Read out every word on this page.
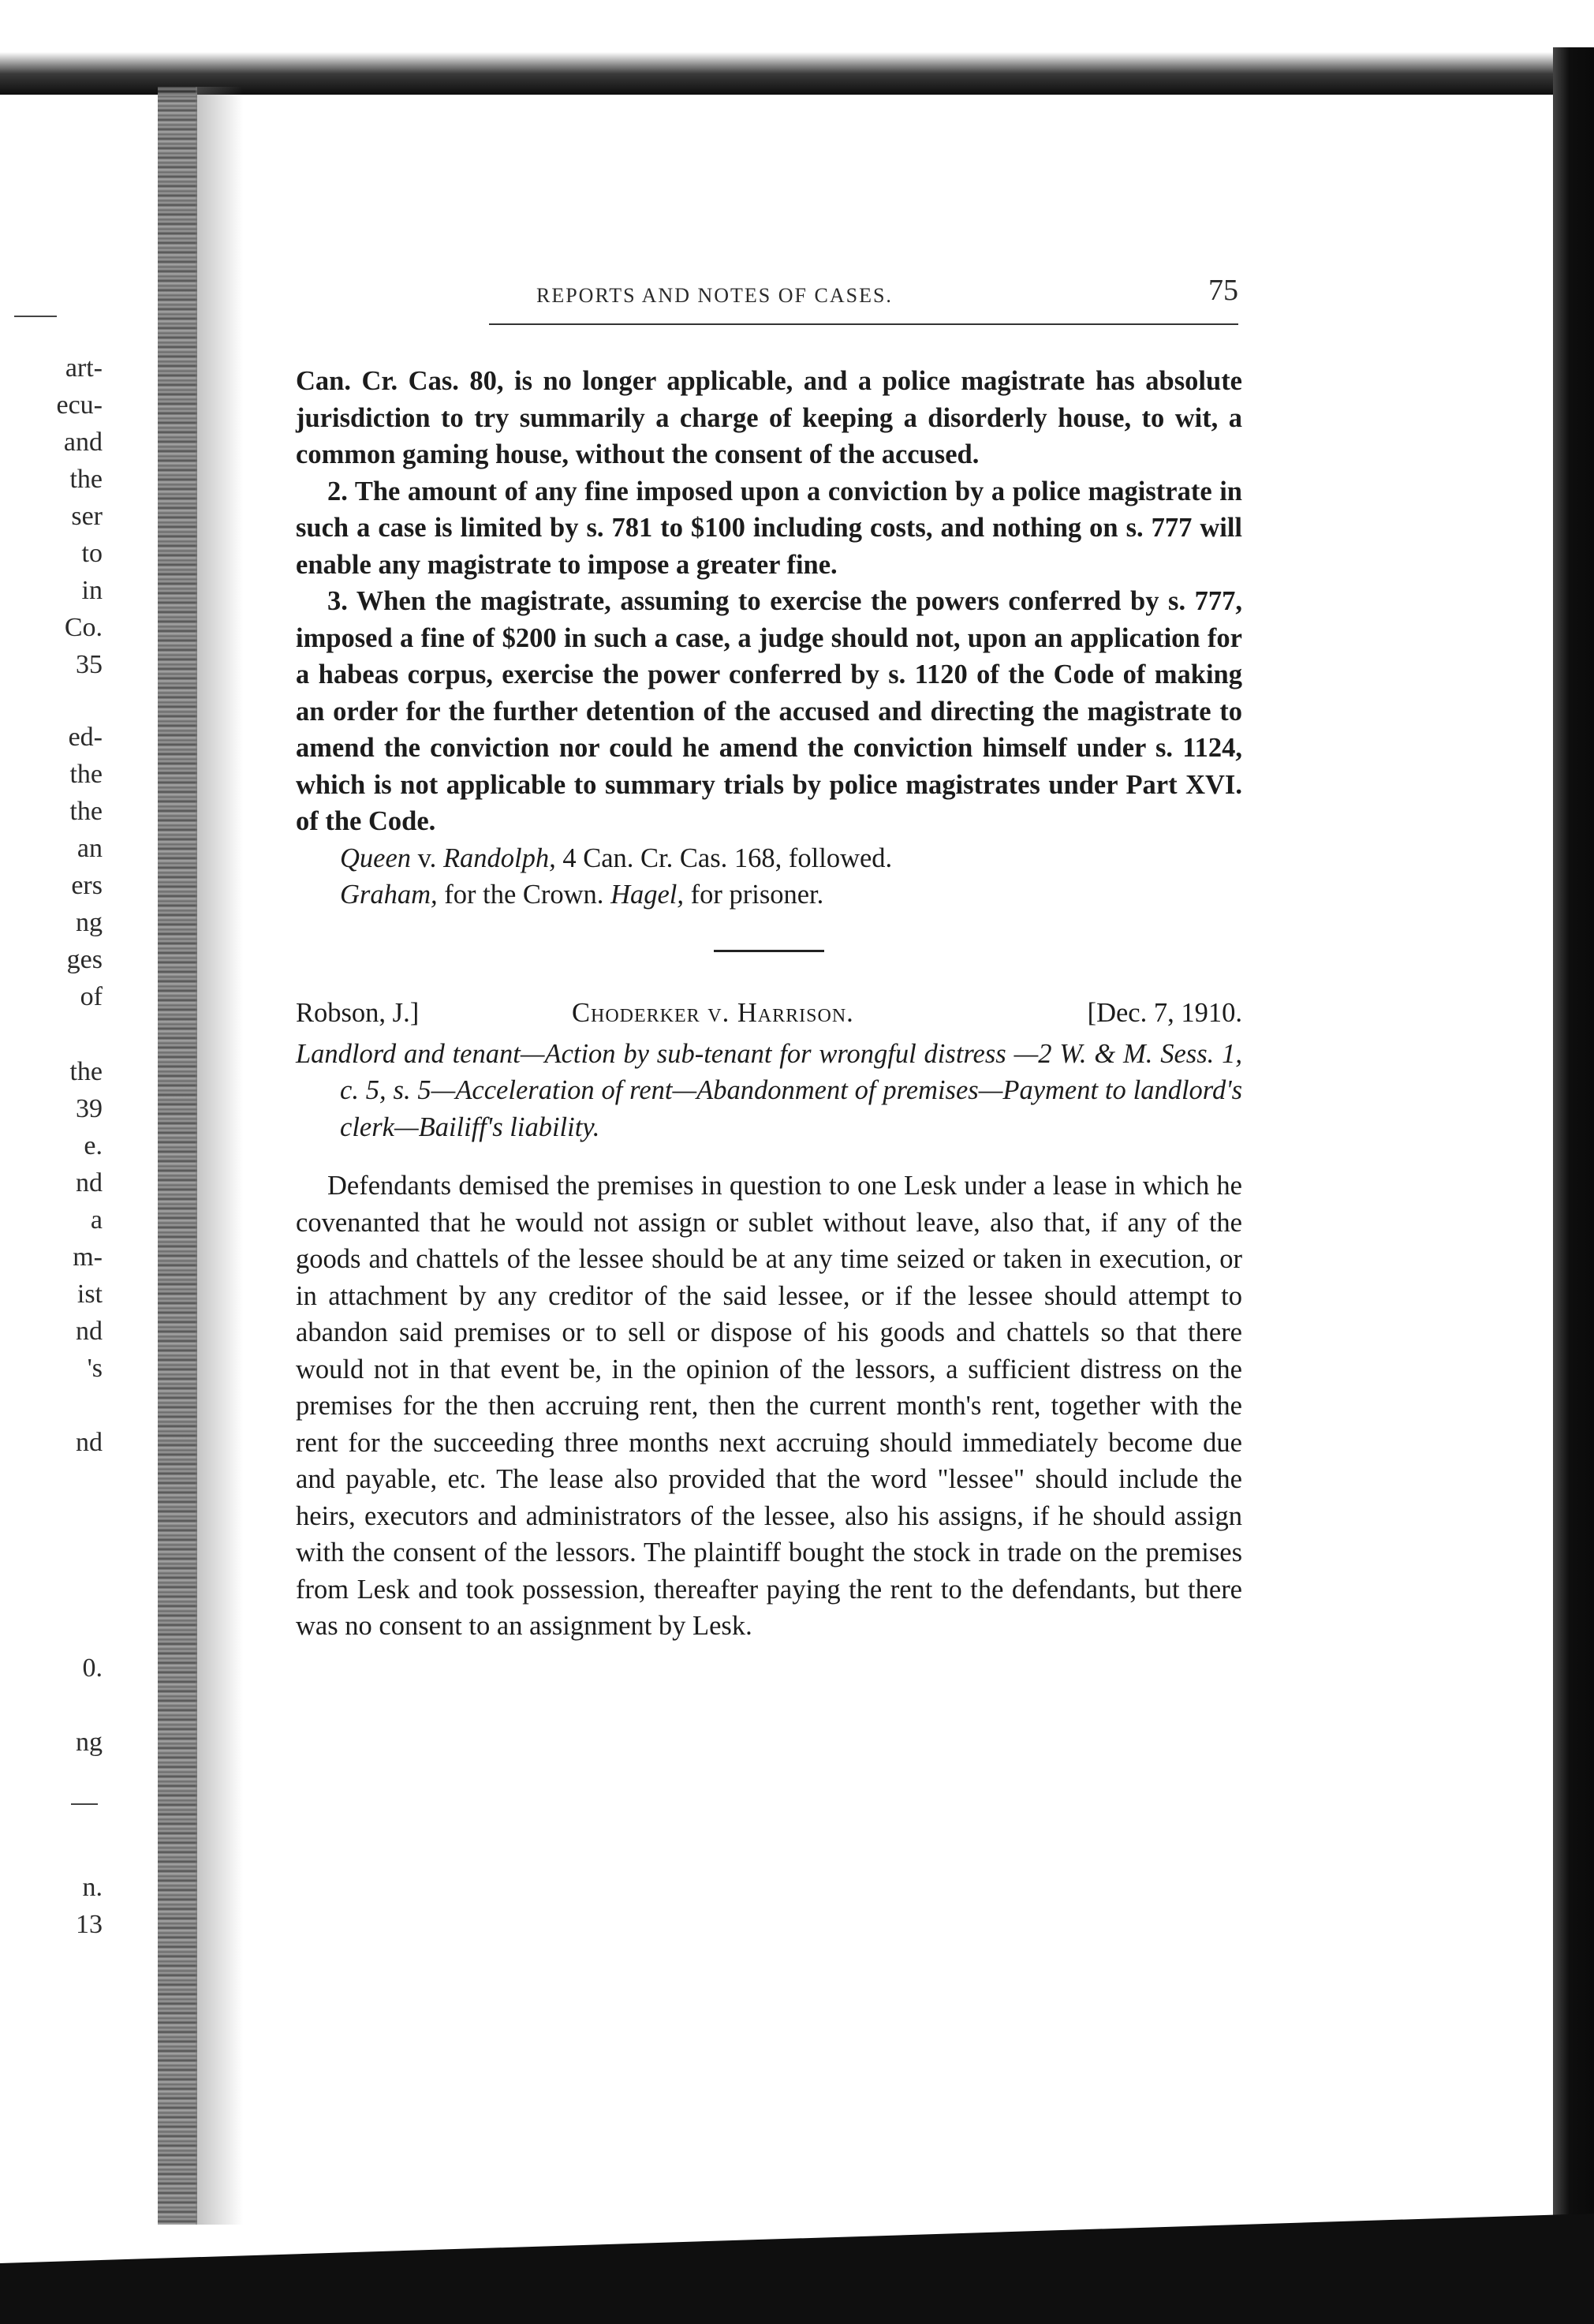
art-
ecu-
and
the
ser
to
in
Co.
35
ed-
the
the
an
ers
ng
ges
of
the
39
e.
nd
a
m-
ist
nd
's
nd
0.
ng
n.
13
REPORTS AND NOTES OF CASES.	75

Can. Cr. Cas. 80, is no longer applicable, and a police magistrate has absolute jurisdiction to try summarily a charge of keeping a disorderly house, to wit, a common gaming house, without the consent of the accused.

2. The amount of any fine imposed upon a conviction by a police magistrate in such a case is limited by s. 781 to $100 including costs, and nothing on s. 777 will enable any magistrate to impose a greater fine.

3. When the magistrate, assuming to exercise the powers conferred by s. 777, imposed a fine of $200 in such a case, a judge should not, upon an application for a habeas corpus, exercise the power conferred by s. 1120 of the Code of making an order for the further detention of the accused and directing the magistrate to amend the conviction nor could he amend the conviction himself under s. 1124, which is not applicable to summary trials by police magistrates under Part XVI. of the Code.

Queen v. Randolph, 4 Can. Cr. Cas. 168, followed.

Graham, for the Crown. Hagel, for prisoner.

Robson, J.]	Choderker v. Harrison.	[Dec. 7, 1910.

Landlord and tenant—Action by sub-tenant for wrongful distress —2 W. & M. Sess. 1, c. 5, s. 5—Acceleration of rent—Abandonment of premises—Payment to landlord's clerk—Bailiff's liability.

Defendants demised the premises in question to one Lesk under a lease in which he covenanted that he would not assign or sublet without leave, also that, if any of the goods and chattels of the lessee should be at any time seized or taken in execution, or in attachment by any creditor of the said lessee, or if the lessee should attempt to abandon said premises or to sell or dispose of his goods and chattels so that there would not in that event be, in the opinion of the lessors, a sufficient distress on the premises for the then accruing rent, then the current month's rent, together with the rent for the succeeding three months next accruing should immediately become due and payable, etc. The lease also provided that the word "lessee" should include the heirs, executors and administrators of the lessee, also his assigns, if he should assign with the consent of the lessors. The plaintiff bought the stock in trade on the premises from Lesk and took possession, thereafter paying the rent to the defendants, but there was no consent to an assignment by Lesk.
